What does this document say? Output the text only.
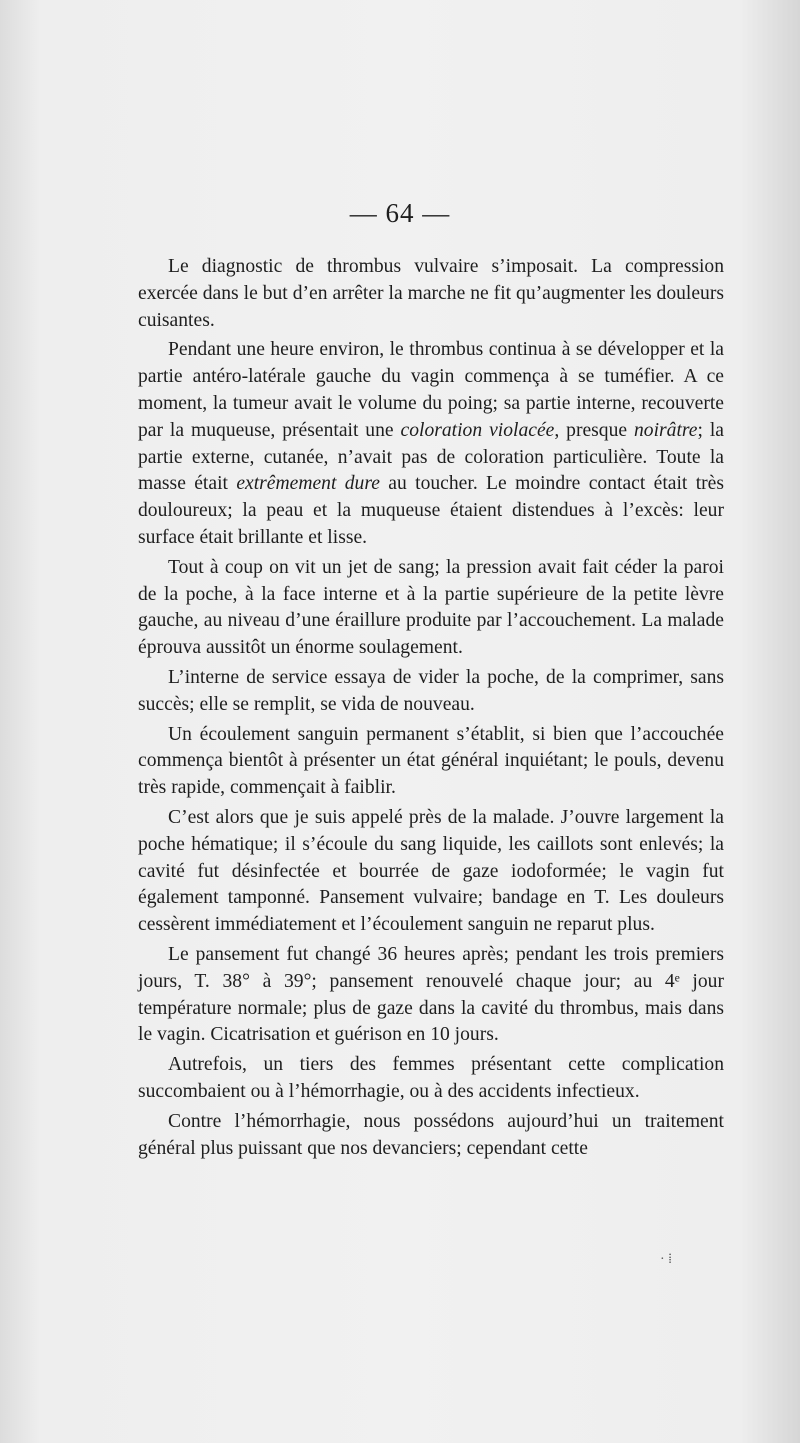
— 64 —

Le diagnostic de thrombus vulvaire s’imposait. La compression exercée dans le but d’en arrêter la marche ne fit qu’augmenter les douleurs cuisantes.

Pendant une heure environ, le thrombus continua à se développer et la partie antéro-latérale gauche du vagin commença à se tuméfier. A ce moment, la tumeur avait le volume du poing; sa partie interne, recouverte par la muqueuse, présentait une coloration violacée, presque noirâtre; la partie externe, cutanée, n’avait pas de coloration particulière. Toute la masse était extrêmement dure au toucher. Le moindre contact était très douloureux; la peau et la muqueuse étaient distendues à l’excès: leur surface était brillante et lisse.

Tout à coup on vit un jet de sang; la pression avait fait céder la paroi de la poche, à la face interne et à la partie supérieure de la petite lèvre gauche, au niveau d’une éraillure produite par l’accouchement. La malade éprouva aussitôt un énorme soulagement.

L’interne de service essaya de vider la poche, de la comprimer, sans succès; elle se remplit, se vida de nouveau.

Un écoulement sanguin permanent s’établit, si bien que l’accouchée commença bientôt à présenter un état général inquiétant; le pouls, devenu très rapide, commençait à faiblir.

C’est alors que je suis appelé près de la malade. J’ouvre largement la poche hématique; il s’écoule du sang liquide, les caillots sont enlevés; la cavité fut désinfectée et bourrée de gaze iodoformée; le vagin fut également tamponné. Pansement vulvaire; bandage en T. Les douleurs cessèrent immédiatement et l’écoulement sanguin ne reparut plus.

Le pansement fut changé 36 heures après; pendant les trois premiers jours, T. 38° à 39°; pansement renouvelé chaque jour; au 4ᵉ jour température normale; plus de gaze dans la cavité du thrombus, mais dans le vagin. Cicatrisation et guérison en 10 jours.

Autrefois, un tiers des femmes présentant cette complication succombaient ou à l’hémorrhagie, ou à des accidents infectieux.

Contre l’hémorrhagie, nous possédons aujourd’hui un traitement général plus puissant que nos devanciers; cependant cette

· ⁞
